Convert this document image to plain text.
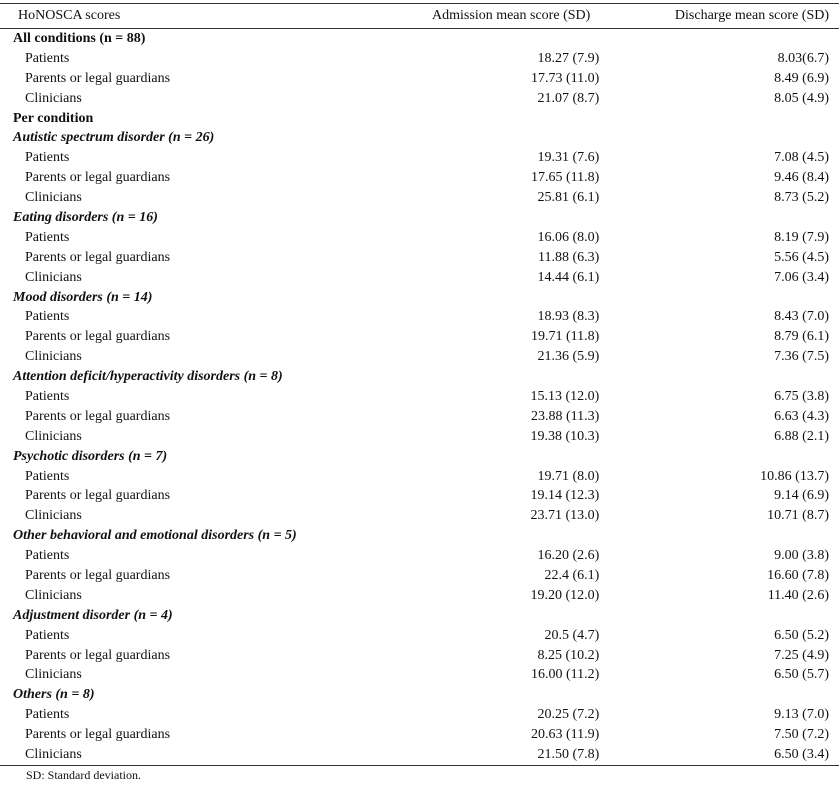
HoNOSCA scores	Admission mean score (SD)	Discharge mean score (SD)
All conditions (n = 88)
Patients	18.27 (7.9)	8.03(6.7)
Parents or legal guardians	17.73 (11.0)	8.49 (6.9)
Clinicians	21.07 (8.7)	8.05 (4.9)
Per condition
Autistic spectrum disorder (n = 26)
Patients	19.31 (7.6)	7.08 (4.5)
Parents or legal guardians	17.65 (11.8)	9.46 (8.4)
Clinicians	25.81 (6.1)	8.73 (5.2)
Eating disorders (n = 16)
Patients	16.06 (8.0)	8.19 (7.9)
Parents or legal guardians	11.88 (6.3)	5.56 (4.5)
Clinicians	14.44 (6.1)	7.06 (3.4)
Mood disorders (n = 14)
Patients	18.93 (8.3)	8.43 (7.0)
Parents or legal guardians	19.71 (11.8)	8.79 (6.1)
Clinicians	21.36 (5.9)	7.36 (7.5)
Attention deficit/hyperactivity disorders (n = 8)
Patients	15.13 (12.0)	6.75 (3.8)
Parents or legal guardians	23.88 (11.3)	6.63 (4.3)
Clinicians	19.38 (10.3)	6.88 (2.1)
Psychotic disorders (n = 7)
Patients	19.71 (8.0)	10.86 (13.7)
Parents or legal guardians	19.14 (12.3)	9.14 (6.9)
Clinicians	23.71 (13.0)	10.71 (8.7)
Other behavioral and emotional disorders (n = 5)
Patients	16.20 (2.6)	9.00 (3.8)
Parents or legal guardians	22.4 (6.1)	16.60 (7.8)
Clinicians	19.20 (12.0)	11.40 (2.6)
Adjustment disorder (n = 4)
Patients	20.5 (4.7)	6.50 (5.2)
Parents or legal guardians	8.25 (10.2)	7.25 (4.9)
Clinicians	16.00 (11.2)	6.50 (5.7)
Others (n = 8)
Patients	20.25 (7.2)	9.13 (7.0)
Parents or legal guardians	20.63 (11.9)	7.50 (7.2)
Clinicians	21.50 (7.8)	6.50 (3.4)
SD: Standard deviation.
